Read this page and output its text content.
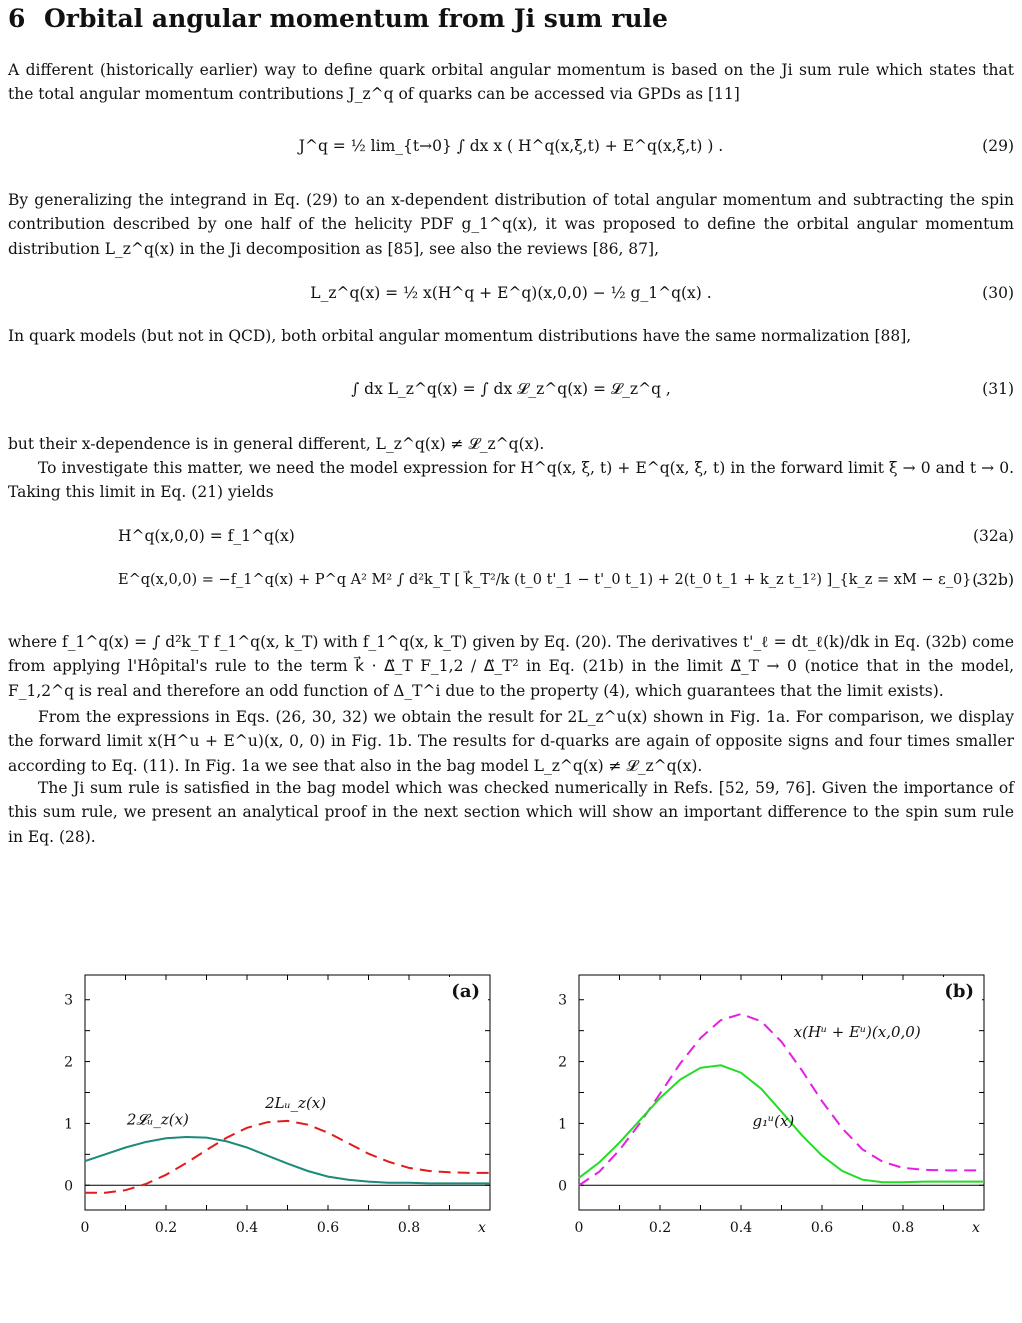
6 Orbital angular momentum from Ji sum rule
A different (historically earlier) way to define quark orbital angular momentum is based on the Ji sum rule which states that the total angular momentum contributions J_z^q of quarks can be accessed via GPDs as [11]
J^q = ½ lim_{t→0} ∫ dx x ( H^q(x,ξ,t) + E^q(x,ξ,t) ) .	(29)
By generalizing the integrand in Eq. (29) to an x-dependent distribution of total angular momentum and subtracting the spin contribution described by one half of the helicity PDF g_1^q(x), it was proposed to define the orbital angular momentum distribution L_z^q(x) in the Ji decomposition as [85], see also the reviews [86, 87],
L_z^q(x) = ½ x(H^q + E^q)(x,0,0) − ½ g_1^q(x) .	(30)
In quark models (but not in QCD), both orbital angular momentum distributions have the same normalization [88],
∫ dx L_z^q(x) = ∫ dx 𝓛_z^q(x) = 𝓛_z^q ,	(31)
but their x-dependence is in general different, L_z^q(x) ≠ 𝓛_z^q(x).
To investigate this matter, we need the model expression for H^q(x, ξ, t) + E^q(x, ξ, t) in the forward limit ξ → 0 and t → 0. Taking this limit in Eq. (21) yields
H^q(x,0,0) = f_1^q(x)	(32a)
E^q(x,0,0) = −f_1^q(x) + P^q A² M² ∫ d²k_T [ k⃗_T²/k (t_0 t'_1 − t'_0 t_1) + 2(t_0 t_1 + k_z t_1²) ]_{k_z = xM − ε_0} .
(32b)
where f_1^q(x) = ∫ d²k_T f_1^q(x, k_T) with f_1^q(x, k_T) given by Eq. (20). The derivatives t'_ℓ = dt_ℓ(k)/dk in Eq. (32b) come from applying l'Hôpital's rule to the term k⃗ · Δ⃗_T F_1,2 / Δ⃗_T² in Eq. (21b) in the limit Δ⃗_T → 0 (notice that in the model, F_1,2^q is real and therefore an odd function of Δ_T^i due to the property (4), which guarantees that the limit exists).
From the expressions in Eqs. (26, 30, 32) we obtain the result for 2L_z^u(x) shown in Fig. 1a. For comparison, we display the forward limit x(H^u + E^u)(x, 0, 0) in Fig. 1b. The results for d-quarks are again of opposite signs and four times smaller according to Eq. (11). In Fig. 1a we see that also in the bag model L_z^q(x) ≠ 𝓛_z^q(x).
The Ji sum rule is satisfied in the bag model which was checked numerically in Refs. [52, 59, 76]. Given the importance of this sum rule, we present an analytical proof in the next section which will show an important difference to the spin sum rule in Eq. (28).
0	0.2	0.4	0.6	0.8	x
0
1
2
3
2𝓛ᵤ_z(x)
2Lᵤ_z(x)
(a)
0	0.2	0.4	0.6	0.8	x
0
1
2
3
x(Hᵘ + Eᵘ)(x,0,0)
g₁ᵘ(x)
(b)
